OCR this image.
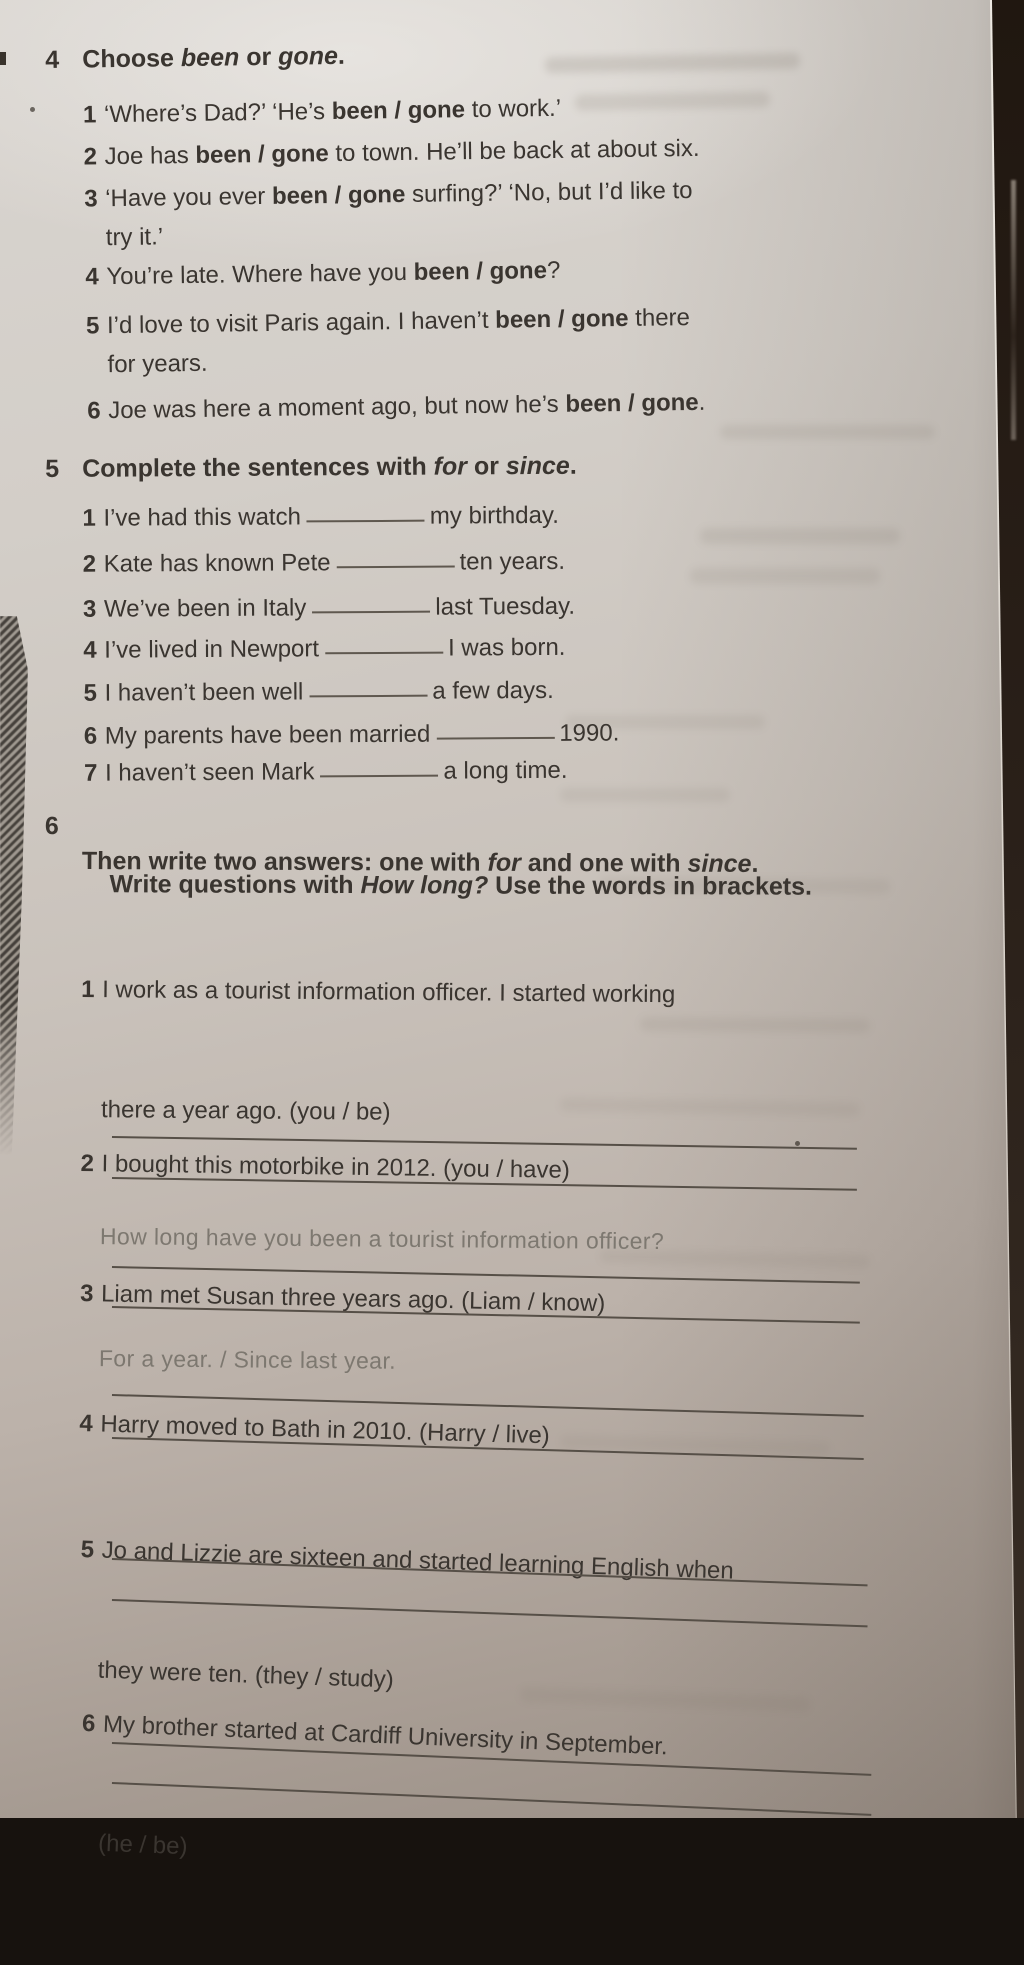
4 Choose been or gone.
1 ‘Where’s Dad?’ ‘He’s been / gone to work.’
2 Joe has been / gone to town. He’ll be back at about six.
3 ‘Have you ever been / gone surfing?’ ‘No, but I’d like to
try it.’
4 You’re late. Where have you been / gone?
5 I’d love to visit Paris again. I haven’t been / gone there
for years.
6 Joe was here a moment ago, but now he’s been / gone.
5 Complete the sentences with for or since.
1 I’ve had this watch	my birthday.
2 Kate has known Pete	ten years.
3 We’ve been in Italy	last Tuesday.
4 I’ve lived in Newport	I was born.
5 I haven’t been well	a few days.
6 My parents have been married	1990.
7 I haven’t seen Mark	a long time.

6

Write questions with How long? Use the words in brackets.

Then write two answers: one with for and one with since.

1 I work as a tourist information officer. I started working

there a year ago. (you / be)

How long have you been a tourist information officer?

For a year. / Since last year.

2 I bought this motorbike in 2012. (you / have)

3 Liam met Susan three years ago. (Liam / know)

4 Harry moved to Bath in 2010. (Harry / live)

5 Jo and Lizzie are sixteen and started learning English when

they were ten. (they / study)

6 My brother started at Cardiff University in September.

(he / be)
